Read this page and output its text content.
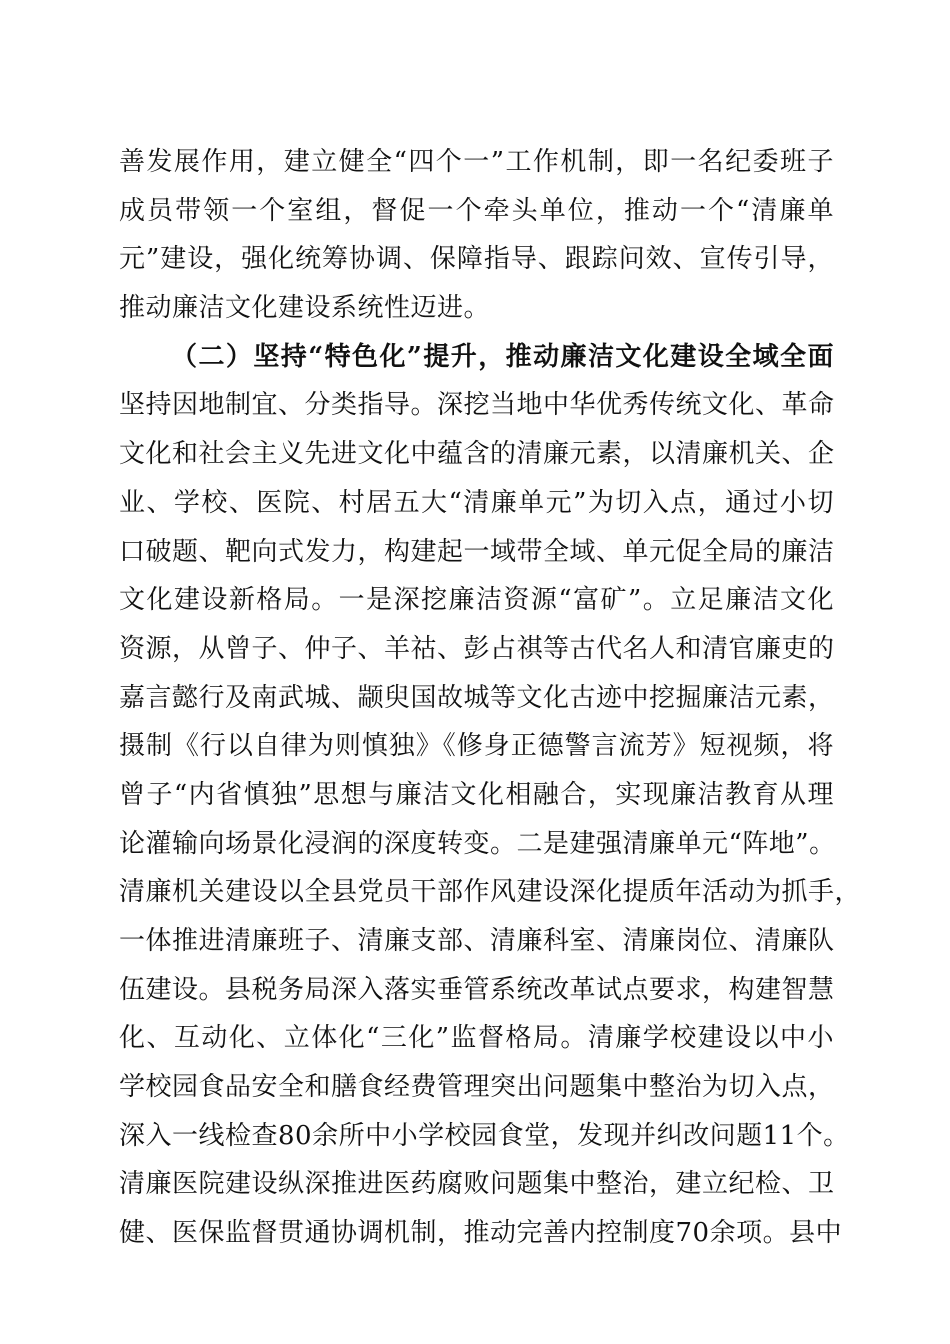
善发展作用，建立健全“四个一”工作机制，即一名纪委班子
成员带领一个室组，督促一个牵头单位，推动一个“清廉单
元”建设，强化统筹协调、保障指导、跟踪问效、宣传引导，
推动廉洁文化建设系统性迈进。
（二）坚持“特色化”提升，推动廉洁文化建设全域全面
坚持因地制宜、分类指导。深挖当地中华优秀传统文化、革命
文化和社会主义先进文化中蕴含的清廉元素，以清廉机关、企
业、学校、医院、村居五大“清廉单元”为切入点，通过小切
口破题、靶向式发力，构建起一域带全域、单元促全局的廉洁
文化建设新格局。一是深挖廉洁资源“富矿”。立足廉洁文化
资源，从曾子、仲子、羊祜、彭占祺等古代名人和清官廉吏的
嘉言懿行及南武城、颛臾国故城等文化古迹中挖掘廉洁元素，
摄制《行以自律为则慎独》《修身正德警言流芳》短视频，将
曾子“内省慎独”思想与廉洁文化相融合，实现廉洁教育从理
论灌输向场景化浸润的深度转变。二是建强清廉单元“阵地”。
清廉机关建设以全县党员干部作风建设深化提质年活动为抓手，
一体推进清廉班子、清廉支部、清廉科室、清廉岗位、清廉队
伍建设。县税务局深入落实垂管系统改革试点要求，构建智慧
化、互动化、立体化“三化”监督格局。清廉学校建设以中小
学校园食品安全和膳食经费管理突出问题集中整治为切入点，
深入一线检查80余所中小学校园食堂，发现并纠改问题11个。
清廉医院建设纵深推进医药腐败问题集中整治，建立纪检、卫
健、医保监督贯通协调机制，推动完善内控制度70余项。县中
